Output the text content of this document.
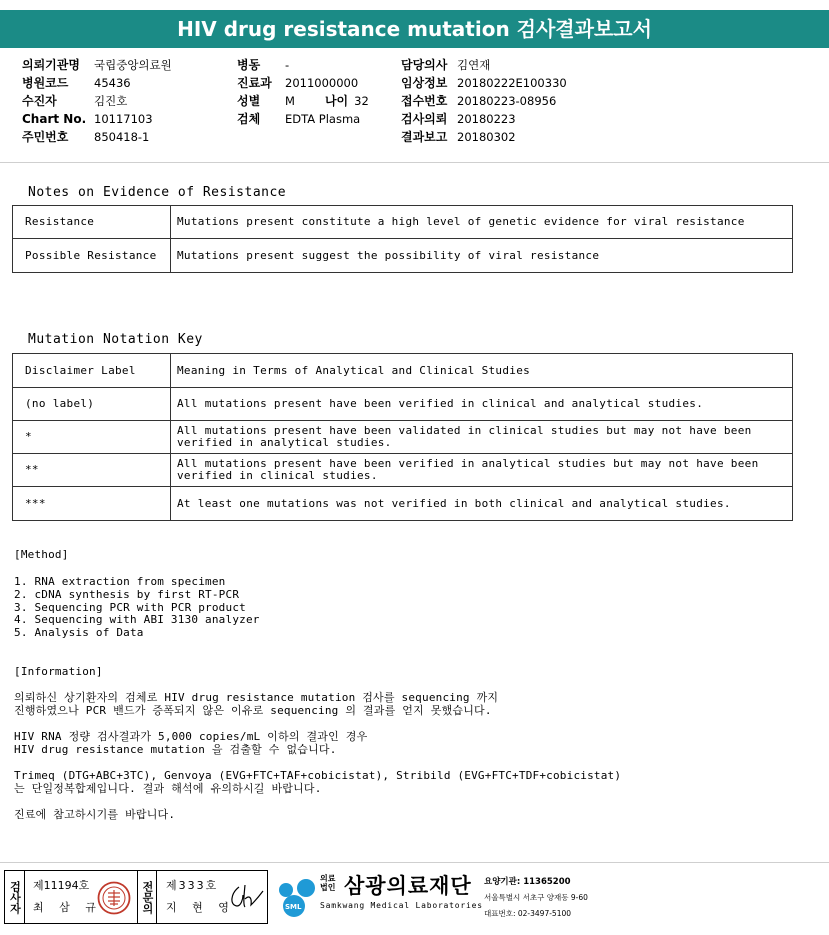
HIV drug resistance mutation 검사결과보고서
의뢰기관명 국립중앙의료원
병원코드 45436
수진자	김진호
Chart No. 10117103
주민번호 850418-1
병동 -
진료과 2011000000
성별 M	나이 32
검체 EDTA Plasma
담당의사 김연재
임상정보 20180222E100330
접수번호 20180223-08956
검사의뢰 20180223
결과보고 20180302
Notes on Evidence of Resistance
Resistance	Mutations present constitute a high level of genetic evidence for viral resistance
Possible Resistance	Mutations present suggest the possibility of viral resistance
Mutation Notation Key
Disclaimer Label	Meaning in Terms of Analytical and Clinical Studies
(no label)	All mutations present have been verified in clinical and analytical studies.
*	All mutations present have been validated in clinical studies but may not have been verified in analytical studies.
**	All mutations present have been verified in analytical studies but may not have been verified in clinical studies.
***	At least one mutations was not verified in both clinical and analytical studies.
[Method]
1. RNA extraction from specimen
2. cDNA synthesis by first RT-PCR
3. Sequencing PCR with PCR product
4. Sequencing with ABI 3130 analyzer
5. Analysis of Data
[Information]
의뢰하신 상기환자의 검체로 HIV drug resistance mutation 검사를 sequencing 까지
진행하였으나 PCR 밴드가 증폭되지 않은 이유로 sequencing 의 결과를 얻지 못했습니다.
HIV RNA 정량 검사결과가 5,000 copies/mL 이하의 결과인 경우
HIV drug resistance mutation 을 검출할 수 없습니다.
Trimeq (DTG+ABC+3TC), Genvoya (EVG+FTC+TAF+cobicistat), Stribild (EVG+FTC+TDF+cobicistat)
는 단일정복합제입니다. 결과 해석에 유의하시길 바랍니다.
진료에 참고하시기를 바랍니다.
검사자	제11194호
최 삼 규	전문의 제333호
지 현 영	SML
의료법인 삼광의료재단
Samkwang Medical Laboratories
요양기관: 11365200
서울특별시 서초구 양재동 9-60
대표번호: 02-3497-5100
